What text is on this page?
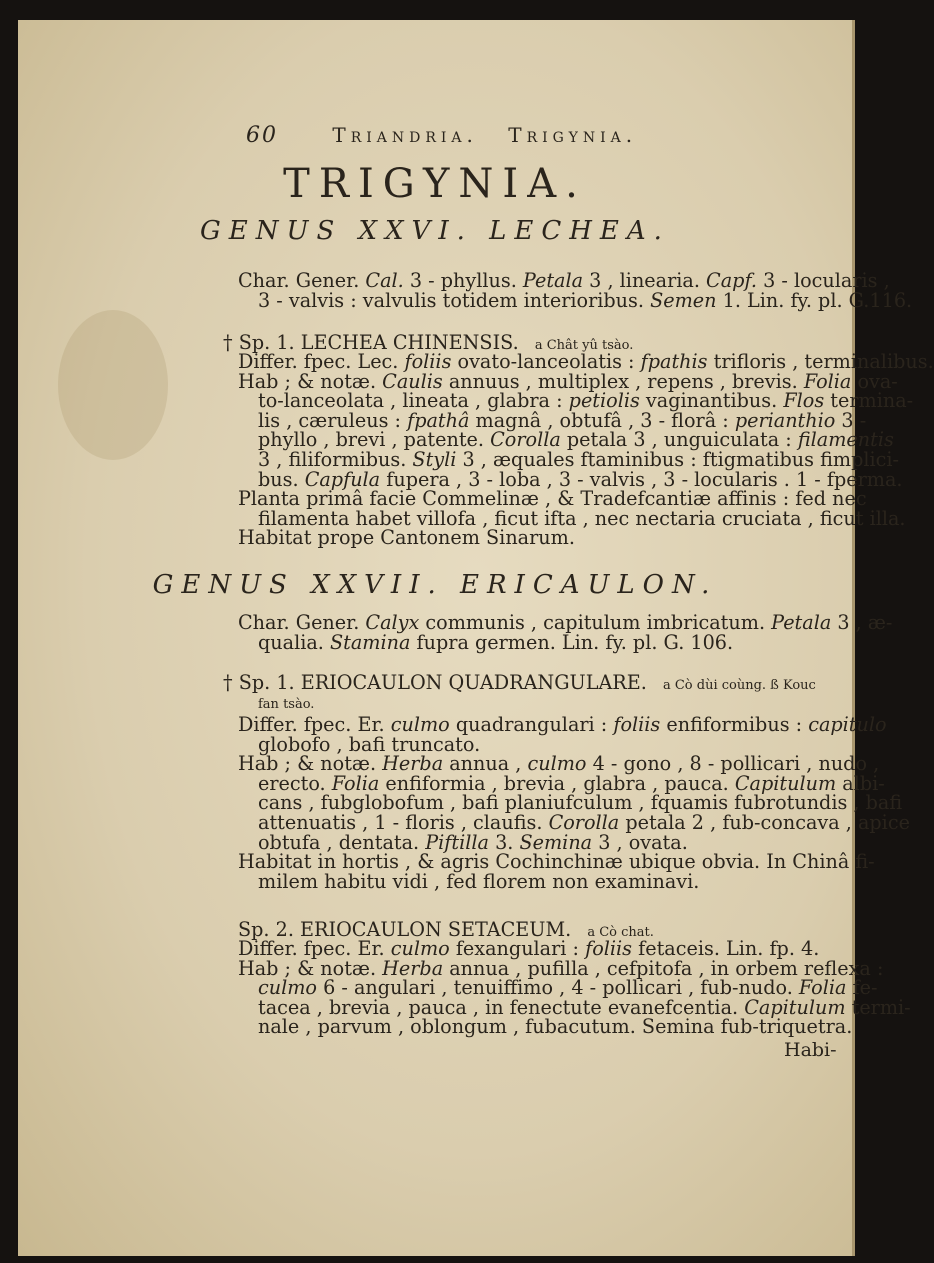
60	Triandria. Trigynia.
TRIGYNIA.
GENUS XXVI. LECHEA.
Char. Gener. Cal. 3 - phyllus. Petala 3 , linearia. Capf. 3 - locularis ,
3 - valvis : valvulis totidem interioribus. Semen 1. Lin. fy. pl. G.116.
† Sp. 1. LECHEA CHINENSIS. a Chât yû tsào.
Differ. fpec. Lec. foliis ovato-lanceolatis : fpathis trifloris , terminalibus.
Hab ; & notæ. Caulis annuus , multiplex , repens , brevis. Folia ova-
to-lanceolata , lineata , glabra : petiolis vaginantibus. Flos termina-
lis , cæruleus : fpathâ magnâ , obtufâ , 3 - florâ : perianthio 3 -
phyllo , brevi , patente. Corolla petala 3 , unguiculata : filamentis
3 , filiformibus. Styli 3 , æquales ftaminibus : ftigmatibus fimplici-
bus. Capfula fupera , 3 - loba , 3 - valvis , 3 - locularis . 1 - fperma.
Planta primâ facie Commelinæ , & Tradefcantiæ affinis : fed nec
filamenta habet villofa , ficut ifta , nec nectaria cruciata , ficut illa.
Habitat prope Cantonem Sinarum.
GENUS XXVII. ERICAULON.
Char. Gener. Calyx communis , capitulum imbricatum. Petala 3 , æ-
qualia. Stamina fupra germen. Lin. fy. pl. G. 106.
† Sp. 1. ERIOCAULON QUADRANGULARE. a Cò dùi coùng. ß Kouc
fan tsào.
Differ. fpec. Er. culmo quadrangulari : foliis enfiformibus : capitulo
globofo , bafi truncato.
Hab ; & notæ. Herba annua , culmo 4 - gono , 8 - pollicari , nudo ,
erecto. Folia enfiformia , brevia , glabra , pauca. Capitulum albi-
cans , fubglobofum , bafi planiufculum , fquamis fubrotundis , bafi
attenuatis , 1 - floris , claufis. Corolla petala 2 , fub-concava , apice
obtufa , dentata. Piftilla 3. Semina 3 , ovata.
Habitat in hortis , & agris Cochinchinæ ubique obvia. In Chinâ fi-
milem habitu vidi , fed florem non examinavi.
Sp. 2. ERIOCAULON SETACEUM. a Cò chat.
Differ. fpec. Er. culmo fexangulari : foliis fetaceis. Lin. fp. 4.
Hab ; & notæ. Herba annua , pufilla , cefpitofa , in orbem reflexa :
culmo 6 - angulari , tenuiffimo , 4 - pollicari , fub-nudo. Folia fe-
tacea , brevia , pauca , in fenectute evanefcentia. Capitulum termi-
nale , parvum , oblongum , fubacutum. Semina fub-triquetra.
Habi-
